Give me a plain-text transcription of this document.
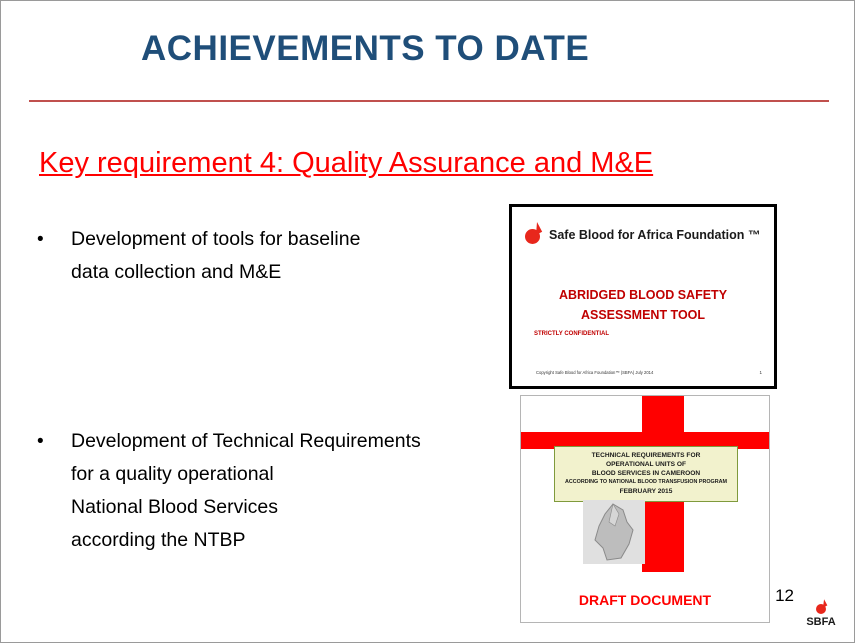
ACHIEVEMENTS TO DATE
Key requirement 4: Quality Assurance and M&E
•	Development of tools for baseline
data collection and M&E
•	Development of Technical Requirements
for a quality operational
National Blood Services
according the NTBP
Safe Blood for Africa Foundation ™
ABRIDGED BLOOD SAFETY
ASSESSMENT TOOL
STRICTLY CONFIDENTIAL
Copyright Safe Blood for Africa Foundation™ (SBFA) July 2014	1
TECHNICAL REQUIREMENTS FOR
OPERATIONAL UNITS OF
BLOOD SERVICES IN CAMEROON
ACCORDING TO NATIONAL BLOOD TRANSFUSION PROGRAM
FEBRUARY 2015
DRAFT DOCUMENT	12
SBFA
